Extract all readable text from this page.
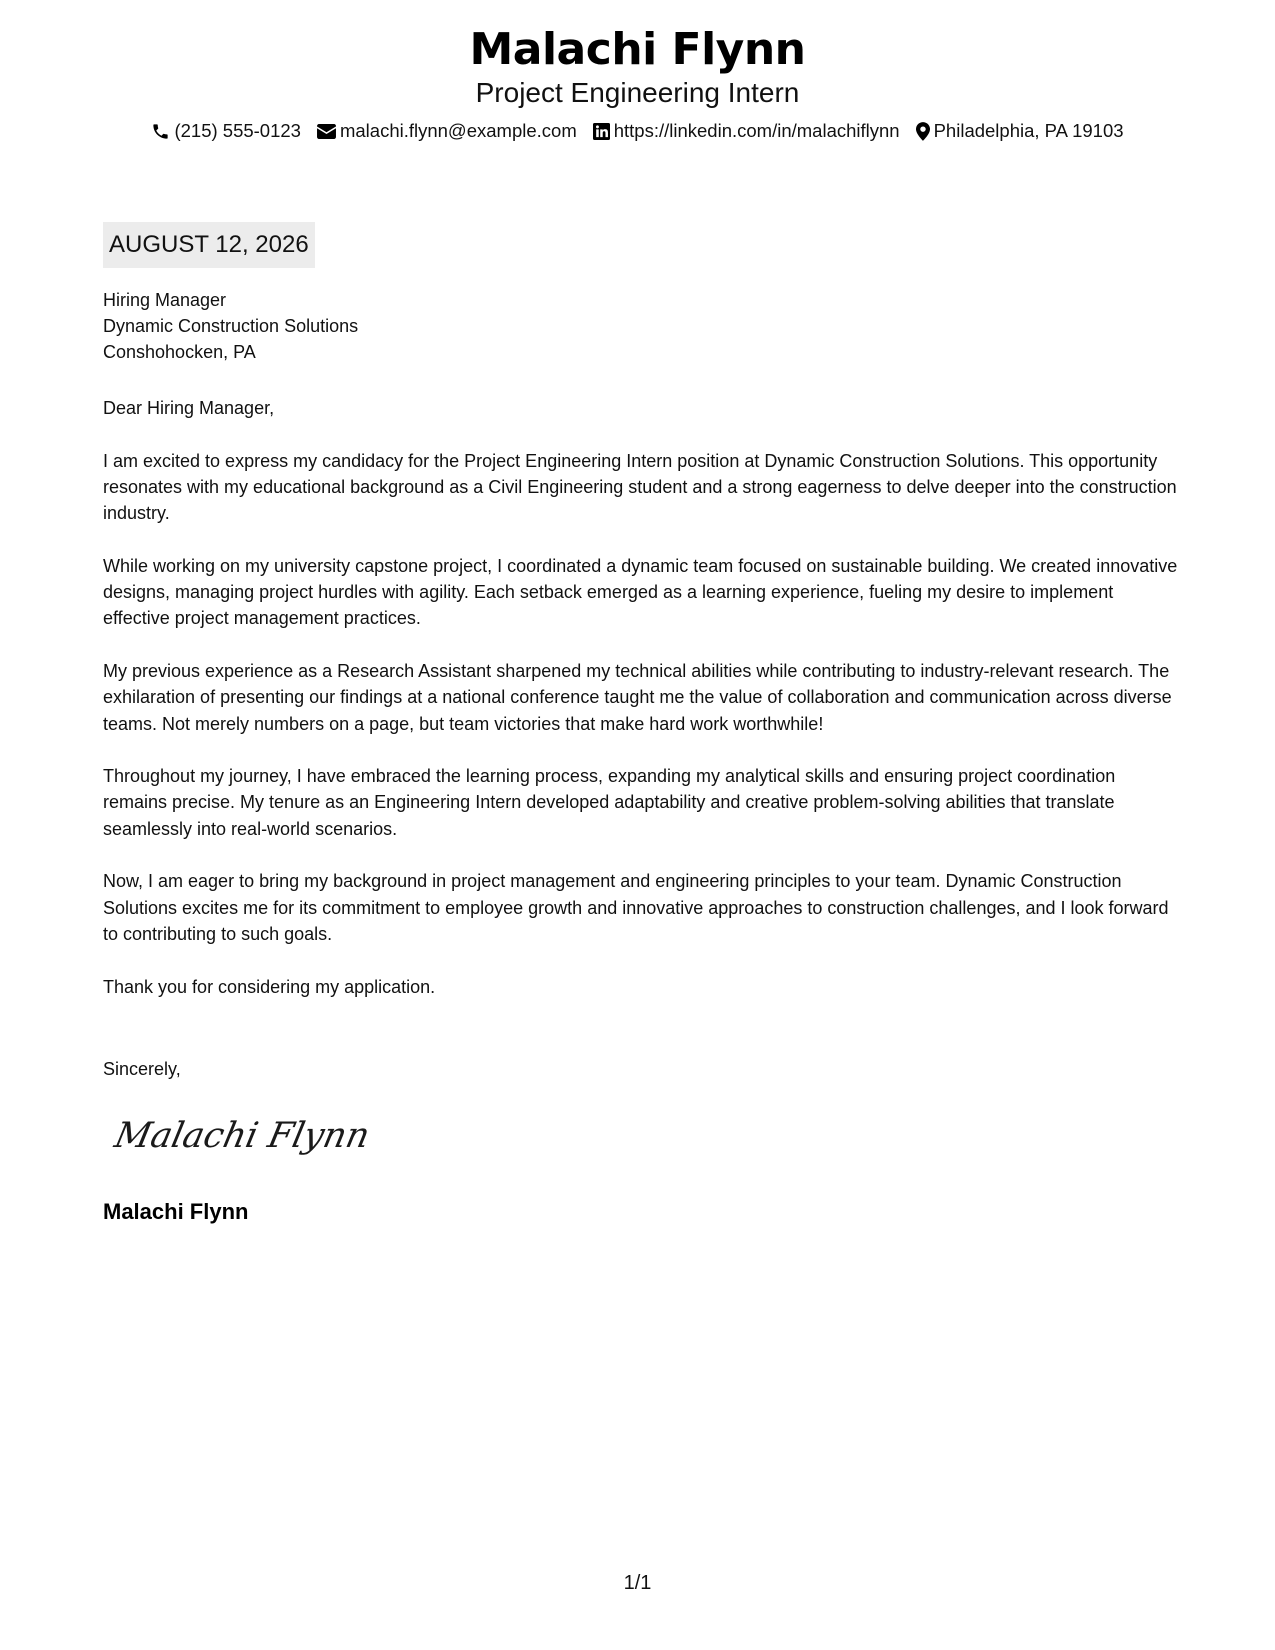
Malachi Flynn
Project Engineering Intern
(215) 555-0123 malachi.flynn@example.com https://linkedin.com/in/malachiflynn Philadelphia, PA 19103
AUGUST 12, 2026
Hiring Manager
Dynamic Construction Solutions
Conshohocken, PA

Dear Hiring Manager,

I am excited to express my candidacy for the Project Engineering Intern position at Dynamic Construction Solutions. This opportunity resonates with my educational background as a Civil Engineering student and a strong eagerness to delve deeper into the construction industry.

While working on my university capstone project, I coordinated a dynamic team focused on sustainable building. We created innovative designs, managing project hurdles with agility. Each setback emerged as a learning experience, fueling my desire to implement effective project management practices.

My previous experience as a Research Assistant sharpened my technical abilities while contributing to industry-relevant research. The exhilaration of presenting our findings at a national conference taught me the value of collaboration and communication across diverse teams. Not merely numbers on a page, but team victories that make hard work worthwhile!

Throughout my journey, I have embraced the learning process, expanding my analytical skills and ensuring project coordination remains precise. My tenure as an Engineering Intern developed adaptability and creative problem-solving abilities that translate seamlessly into real-world scenarios.

Now, I am eager to bring my background in project management and engineering principles to your team. Dynamic Construction Solutions excites me for its commitment to employee growth and innovative approaches to construction challenges, and I look forward to contributing to such goals.

Thank you for considering my application.

Sincerely,
Malachi Flynn
Malachi Flynn
1/1
